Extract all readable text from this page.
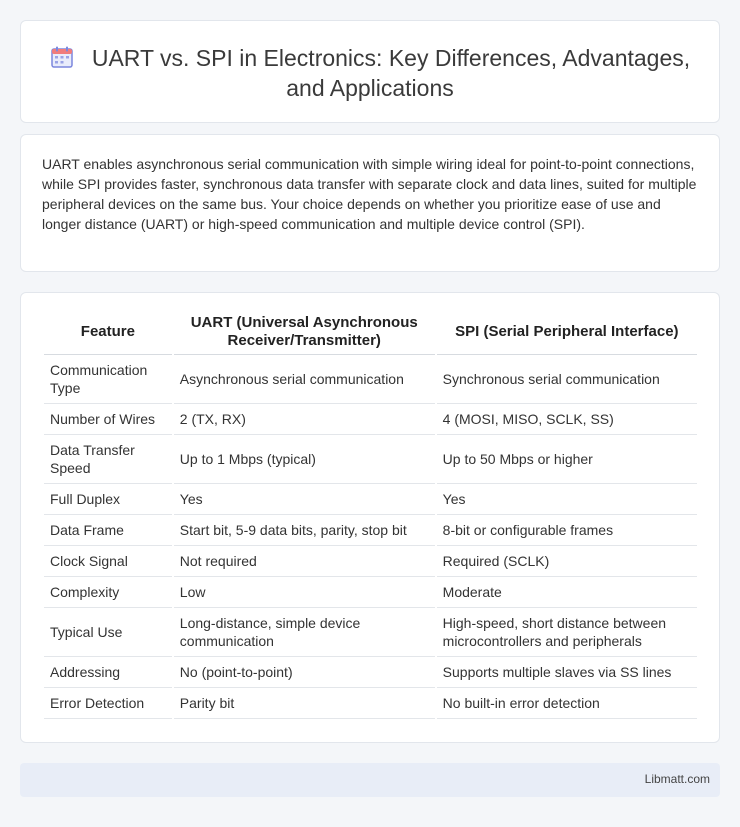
UART vs. SPI in Electronics: Key Differences, Advantages, and Applications

UART enables asynchronous serial communication with simple wiring ideal for point-to-point connections, while SPI provides faster, synchronous data transfer with separate clock and data lines, suited for multiple peripheral devices on the same bus. Your choice depends on whether you prioritize ease of use and longer distance (UART) or high-speed communication and multiple device control (SPI).

Feature	UART (Universal Asynchronous Receiver/Transmitter)	SPI (Serial Peripheral Interface)
Communication Type	Asynchronous serial communication	Synchronous serial communication
Number of Wires	2 (TX, RX)	4 (MOSI, MISO, SCLK, SS)
Data Transfer Speed	Up to 1 Mbps (typical)	Up to 50 Mbps or higher
Full Duplex	Yes	Yes
Data Frame	Start bit, 5-9 data bits, parity, stop bit	8-bit or configurable frames
Clock Signal	Not required	Required (SCLK)
Complexity	Low	Moderate
Typical Use	Long-distance, simple device communication	High-speed, short distance between microcontrollers and peripherals
Addressing	No (point-to-point)	Supports multiple slaves via SS lines
Error Detection	Parity bit	No built-in error detection
Libmatt.com
